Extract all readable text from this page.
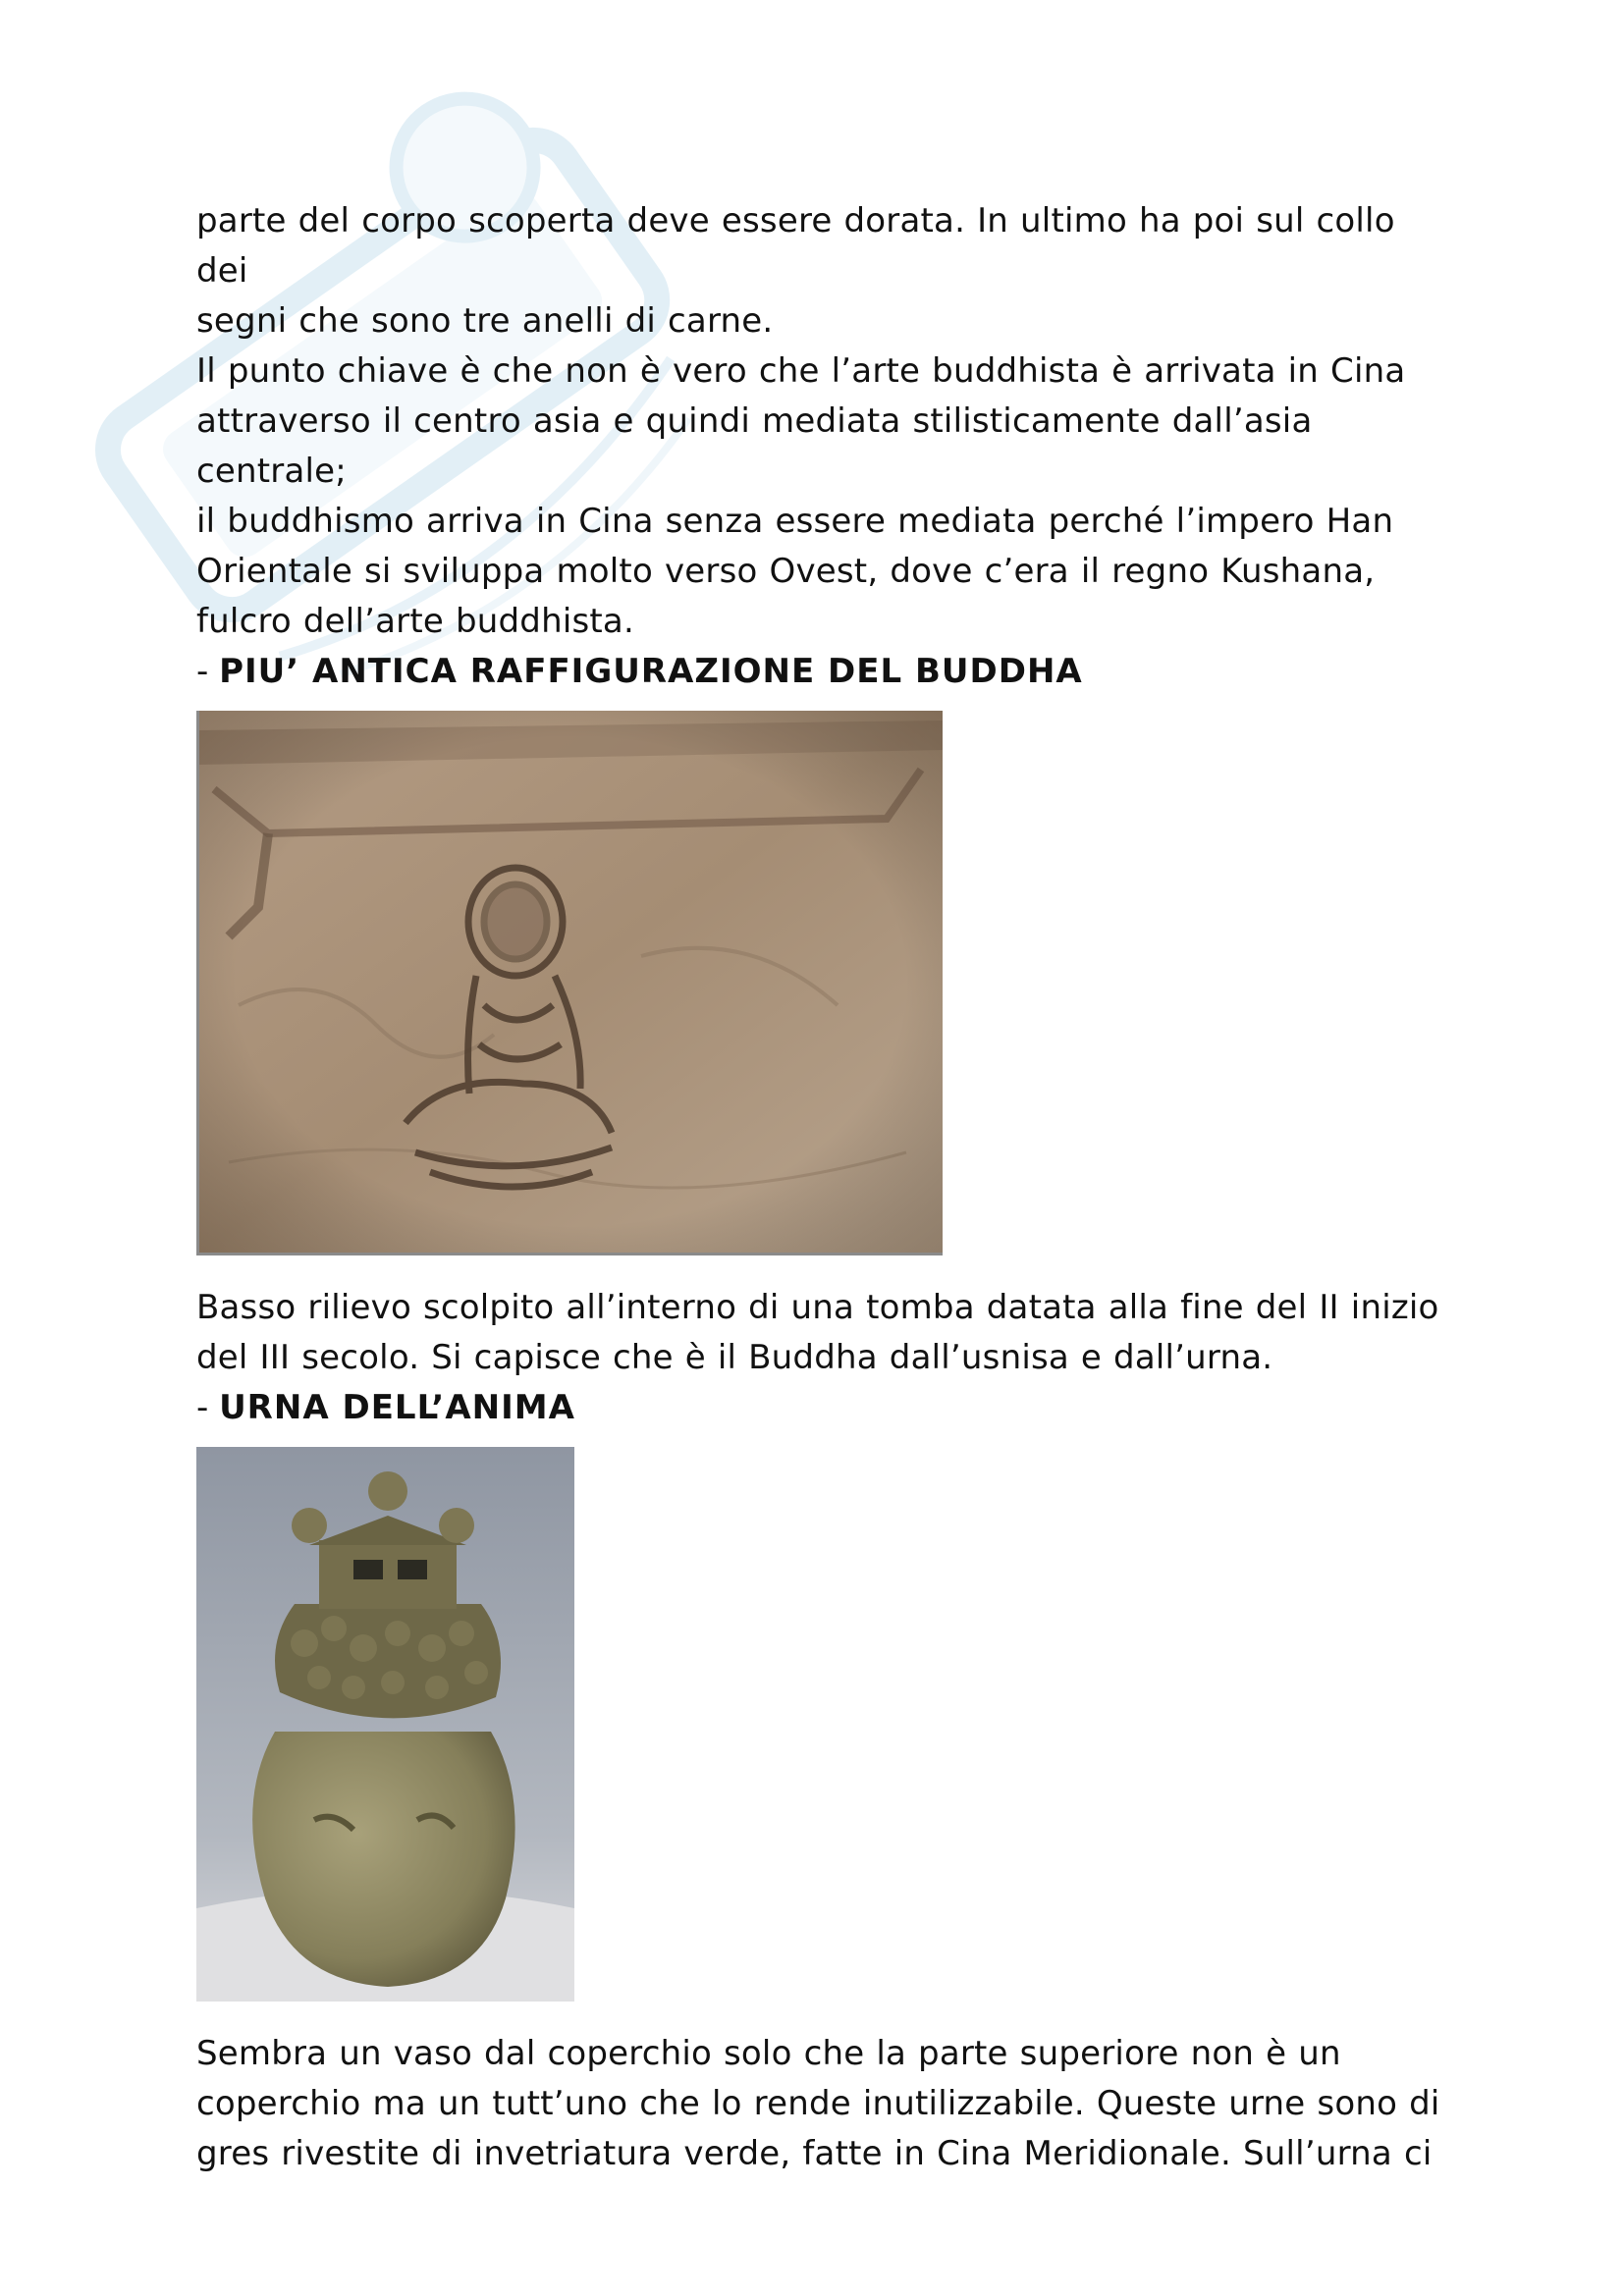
parte del corpo scoperta deve essere dorata. In ultimo ha poi sul collo dei
segni che sono tre anelli di carne.
Il punto chiave è che non è vero che l’arte buddhista è arrivata in Cina
attraverso il centro asia e quindi mediata stilisticamente dall’asia centrale;
il buddhismo arriva in Cina senza essere mediata perché l’impero Han
Orientale si sviluppa molto verso Ovest, dove c’era il regno Kushana,
fulcro dell’arte buddhista.

- PIU’ ANTICA RAFFIGURAZIONE DEL BUDDHA

Basso rilievo scolpito all’interno di una tomba datata alla fine del II inizio
del III secolo. Si capisce che è il Buddha dall’usnisa e dall’urna.

- URNA DELL’ANIMA

Sembra un vaso dal coperchio solo che la parte superiore non è un
coperchio ma un tutt’uno che lo rende inutilizzabile. Queste urne sono di
gres rivestite di invetriatura verde, fatte in Cina Meridionale. Sull’urna ci
